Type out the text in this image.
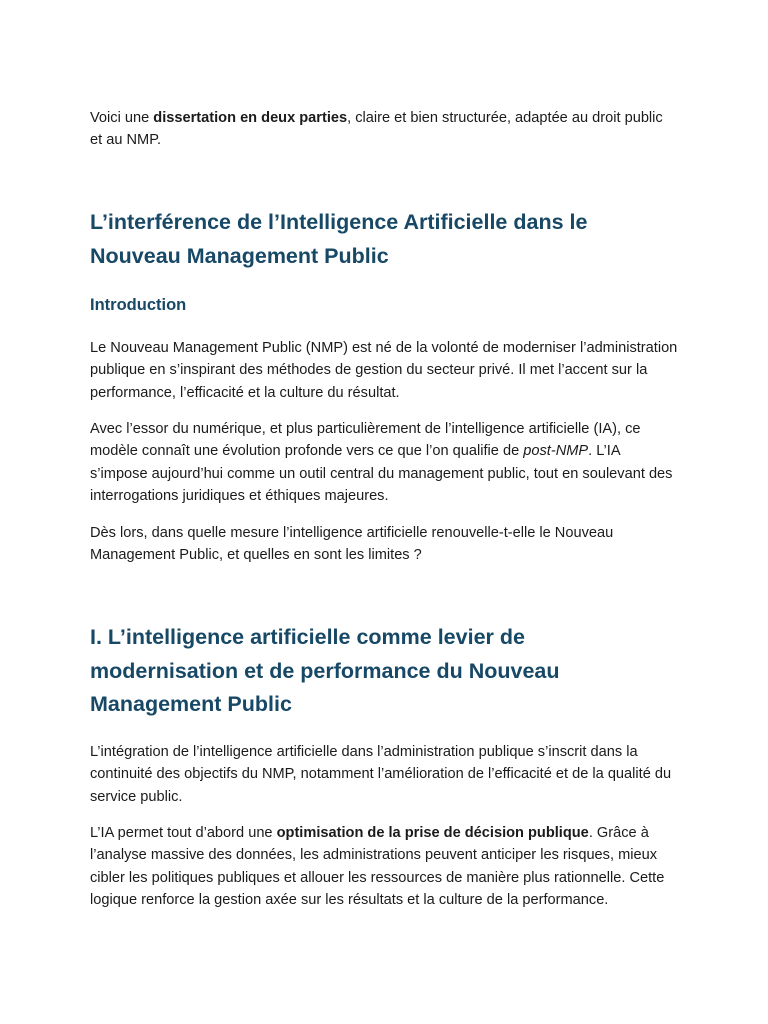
Voici une dissertation en deux parties, claire et bien structurée, adaptée au droit public et au NMP.

L’interférence de l’Intelligence Artificielle dans le Nouveau Management Public
Introduction

Le Nouveau Management Public (NMP) est né de la volonté de moderniser l’administration publique en s’inspirant des méthodes de gestion du secteur privé. Il met l’accent sur la performance, l’efficacité et la culture du résultat.

Avec l’essor du numérique, et plus particulièrement de l’intelligence artificielle (IA), ce modèle connaît une évolution profonde vers ce que l’on qualifie de post-NMP. L’IA s’impose aujourd’hui comme un outil central du management public, tout en soulevant des interrogations juridiques et éthiques majeures.

Dès lors, dans quelle mesure l’intelligence artificielle renouvelle-t-elle le Nouveau Management Public, et quelles en sont les limites ?

I. L’intelligence artificielle comme levier de modernisation et de performance du Nouveau Management Public

L’intégration de l’intelligence artificielle dans l’administration publique s’inscrit dans la continuité des objectifs du NMP, notamment l’amélioration de l’efficacité et de la qualité du service public.

L’IA permet tout d’abord une optimisation de la prise de décision publique. Grâce à l’analyse massive des données, les administrations peuvent anticiper les risques, mieux cibler les politiques publiques et allouer les ressources de manière plus rationnelle. Cette logique renforce la gestion axée sur les résultats et la culture de la performance.
